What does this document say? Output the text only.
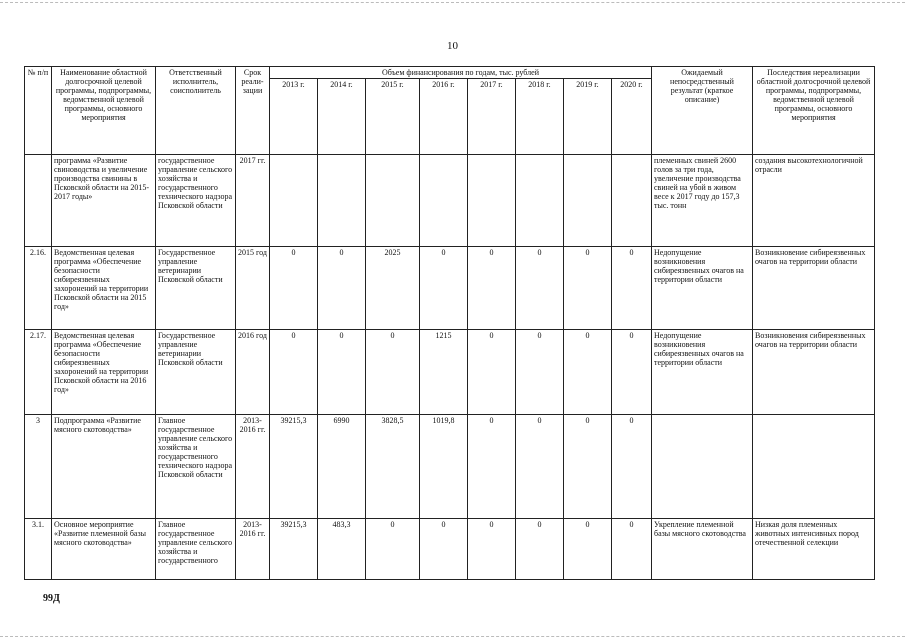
10
№ п/п	Наименование областной долгосрочной целевой программы, подпрограммы, ведомственной целевой программы, основного мероприятия	Ответственный исполнитель, соисполнитель	Срок реали-зации	Объем финансирования по годам, тыс. рублей								Ожидаемый непосредственный результат (краткое описание)	Последствия нереализации областной долгосрочной целевой программы, подпрограммы, ведомственной целевой программы, основного мероприятия
				2013 г.	2014 г.	2015 г.	2016 г.	2017 г.	2018 г.	2019 г.	2020 г.		
	программа «Развитие свиноводства и увеличение производства свинины в Псковской области на 2015-2017 годы»	государственное управление сельского хозяйства и государственного технического надзора Псковской области	2017 гг.									племенных свиней 2600 голов за три года, увеличение производства свиней на убой в живом весе к 2017 году до 157,3 тыс. тонн	создания высокотехнологичной отрасли
2.16.	Ведомственная целевая программа «Обеспечение безопасности сибиреязвенных захоронений на территории Псковской области на 2015 год»	Государственное управление ветеринарии Псковской области	2015 год	0	0	2025	0	0	0	0	0	Недопущение возникновения сибиреязвенных очагов на территории области	Возникновение сибиреязвенных очагов на территории области
2.17.	Ведомственная целевая программа «Обеспечение безопасности сибиреязвенных захоронений на территории Псковской области на 2016 год»	Государственное управление ветеринарии Псковской области	2016 год	0	0	0	1215	0	0	0	0	Недопущение возникновения сибиреязвенных очагов на территории области	Возникновения сибиреязвенных очагов на территории области
3	Подпрограмма «Развитие мясного скотоводства»	Главное государственное управление сельского хозяйства и государственного технического надзора Псковской области	2013-2016 гг.	39215,3	6990	3828,5	1019,8	0	0	0	0		
3.1.	Основное мероприятие «Развитие племенной базы мясного скотоводства»	Главное государственное управление сельского хозяйства и государственного	2013-2016 гг.	39215,3	483,3	0	0	0	0	0	0	Укрепление племенной базы мясного скотоводства	Низкая доля племенных животных интенсивных пород отечественной селекции
99Д
